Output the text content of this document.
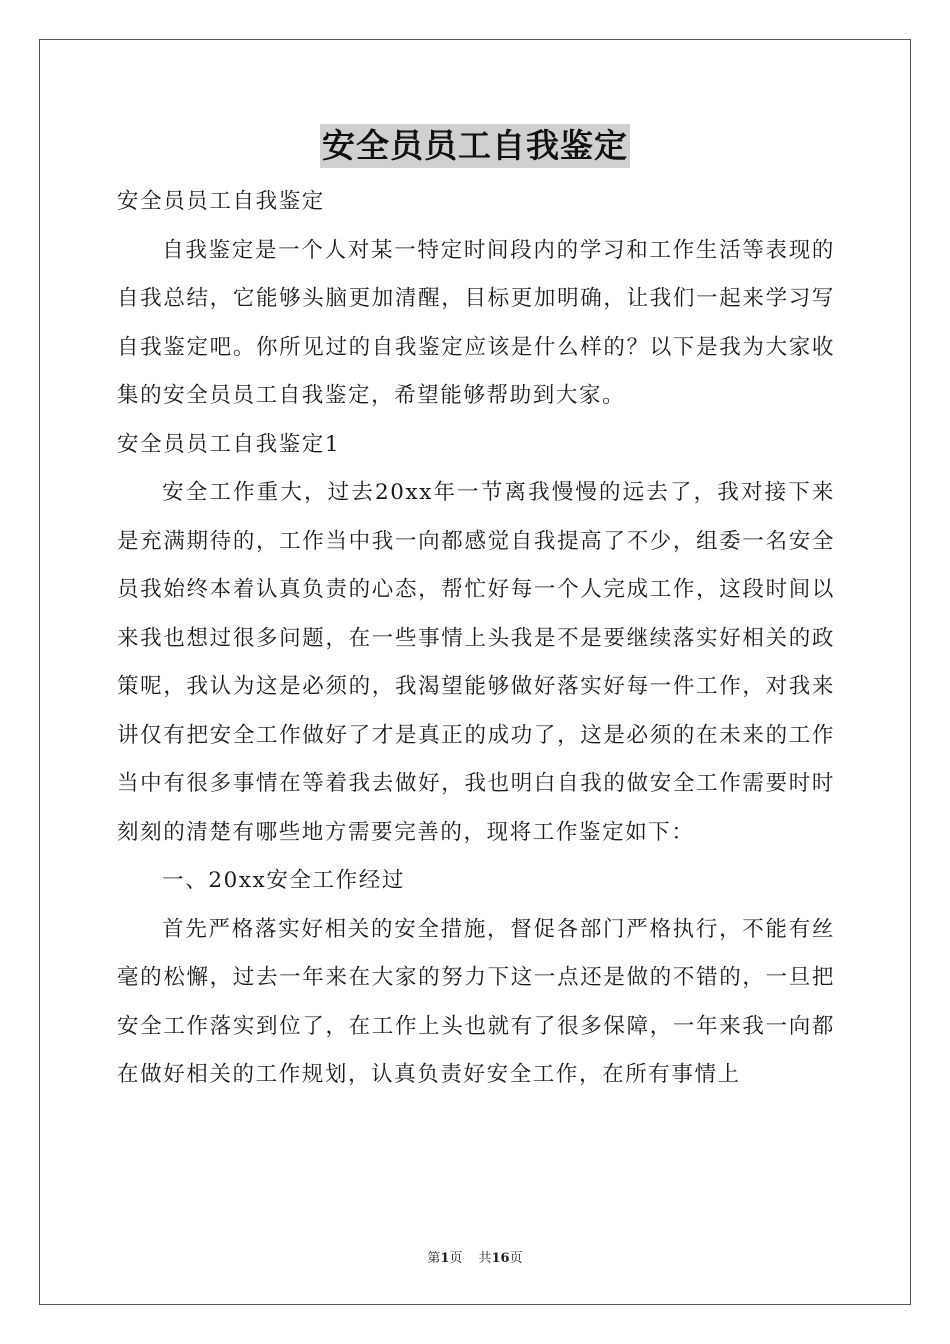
安全员员工自我鉴定

安全员员工自我鉴定

自我鉴定是一个人对某一特定时间段内的学习和工作生活等表现的自我总结，它能够头脑更加清醒，目标更加明确，让我们一起来学习写自我鉴定吧。你所见过的自我鉴定应该是什么样的？以下是我为大家收集的安全员员工自我鉴定，希望能够帮助到大家。

安全员员工自我鉴定1

安全工作重大，过去20xx年一节离我慢慢的远去了，我对接下来是充满期待的，工作当中我一向都感觉自我提高了不少，组委一名安全员我始终本着认真负责的心态，帮忙好每一个人完成工作，这段时间以来我也想过很多问题，在一些事情上头我是不是要继续落实好相关的政策呢，我认为这是必须的，我渴望能够做好落实好每一件工作，对我来讲仅有把安全工作做好了才是真正的成功了，这是必须的在未来的工作当中有很多事情在等着我去做好，我也明白自我的做安全工作需要时时刻刻的清楚有哪些地方需要完善的，现将工作鉴定如下：

一、20xx安全工作经过

首先严格落实好相关的安全措施，督促各部门严格执行，不能有丝毫的松懈，过去一年来在大家的努力下这一点还是做的不错的，一旦把安全工作落实到位了，在工作上头也就有了很多保障，一年来我一向都在做好相关的工作规划，认真负责好安全工作，在所有事情上

第1页 共16页
